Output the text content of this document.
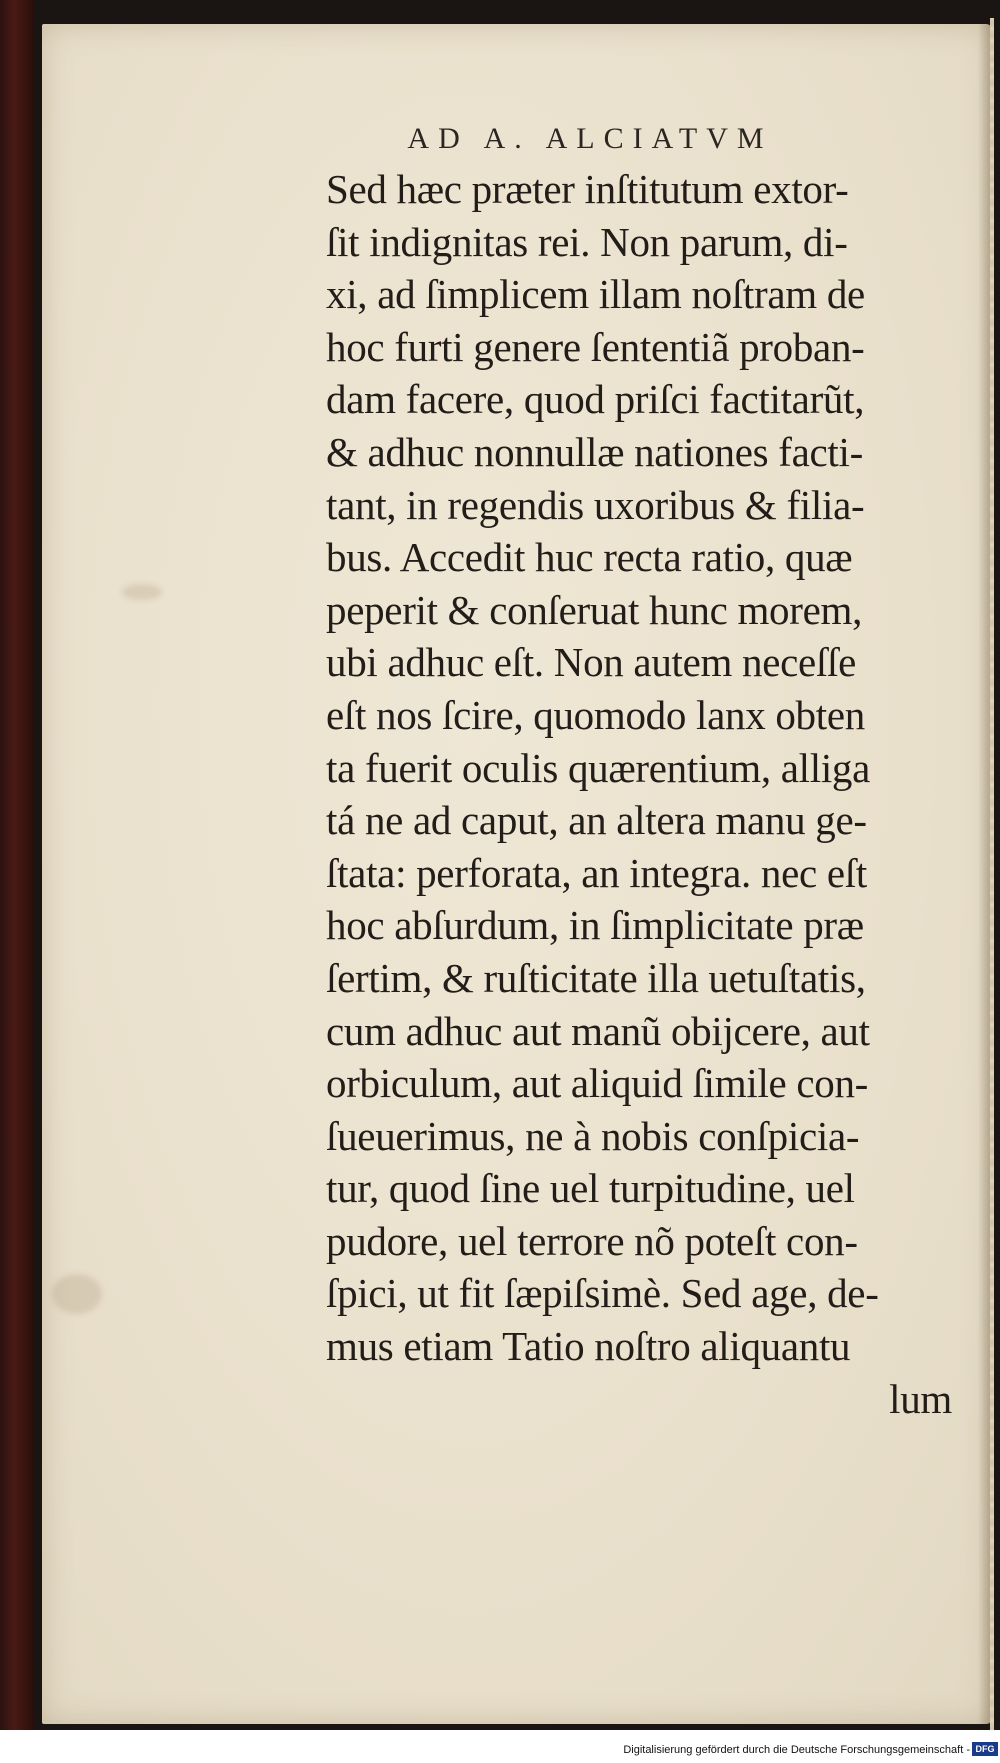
AD A. ALCIATVM
Sed hæc præter inſtitutum extor-
ſit indignitas rei. Non parum, di-
xi, ad ſimplicem illam noſtram de
hoc furti genere ſententiã proban-
dam facere, quod priſci factitarũt,
& adhuc nonnullæ nationes facti-
tant, in regendis uxoribus & filia-
bus. Accedit huc recta ratio, quæ
peperit & conſeruat hunc morem,
ubi adhuc eſt. Non autem neceſſe
eſt nos ſcire, quomodo lanx obten
ta fuerit oculis quærentium, alliga
tá ne ad caput, an altera manu ge-
ſtata: perforata, an integra. nec eſt
hoc abſurdum, in ſimplicitate præ
ſertim, & ruſticitate illa uetuſtatis,
cum adhuc aut manũ obijcere, aut
orbiculum, aut aliquid ſimile con-
ſueuerimus, ne à nobis conſpicia-
tur, quod ſine uel turpitudine, uel
pudore, uel terrore nõ poteſt con-
ſpici, ut fit ſæpiſsimè. Sed age, de-
mus etiam Tatio noſtro aliquantu
lum
Digitalisierung gefördert durch die Deutsche Forschungsgemeinschaft - DFG
